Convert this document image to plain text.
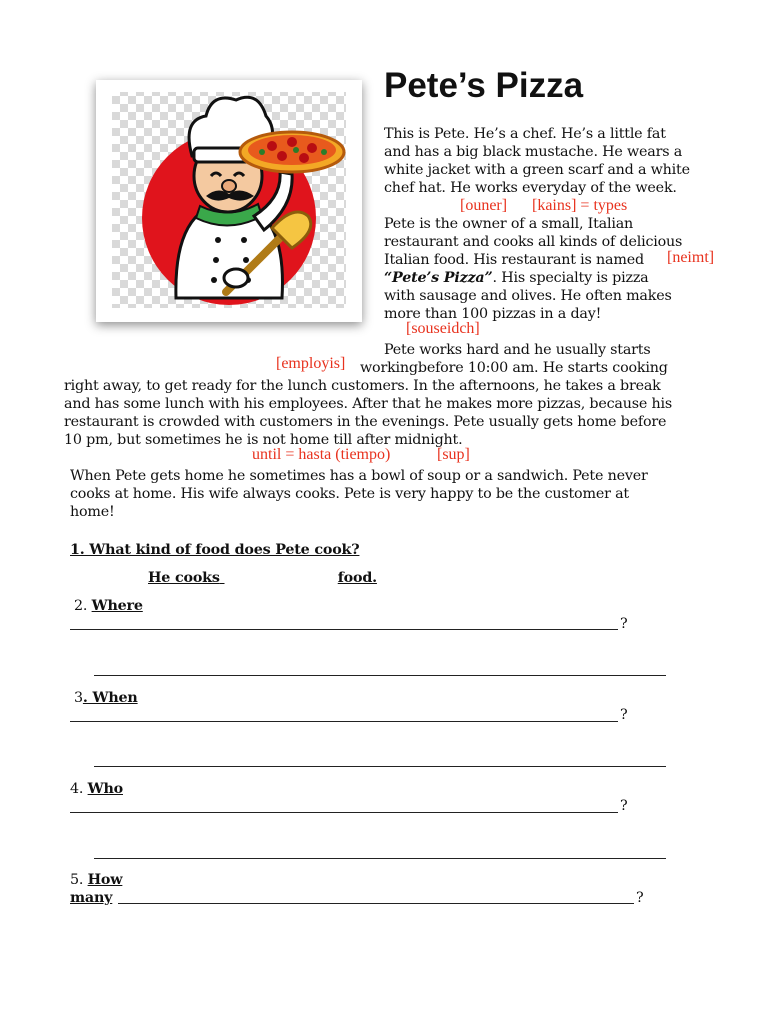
Pete’s Pizza
This is Pete. He’s a chef. He’s a little fat
and has a big black mustache. He wears a
white jacket with a green scarf and a white
chef hat. He works everyday of the week.
[ouner] [kains] = types
Pete is the owner of a small, Italian
restaurant and cooks all kinds of delicious
Italian food. His restaurant is named [neimt]
“Pete’s Pizza”. His specialty is pizza
with sausage and olives. He often makes
more than 100 pizzas in a day!
[souseidch]
Pete works hard and he usually starts
[employis] workingbefore 10:00 am. He starts cooking
right away, to get ready for the lunch customers. In the afternoons, he takes a break
and has some lunch with his employees. After that he makes more pizzas, because his
restaurant is crowded with customers in the evenings. Pete usually gets home before
10 pm, but sometimes he is not home till after midnight.
until = hasta (tiempo)	[sup]
When Pete gets home he sometimes has a bowl of soup or a sandwich. Pete never
cooks at home. His wife always cooks. Pete is very happy to be the customer at
home!
1. What kind of food does Pete cook?
He cooks	food.
2. Where
?
3. When
?
4. Who
?
5. How
many	?
